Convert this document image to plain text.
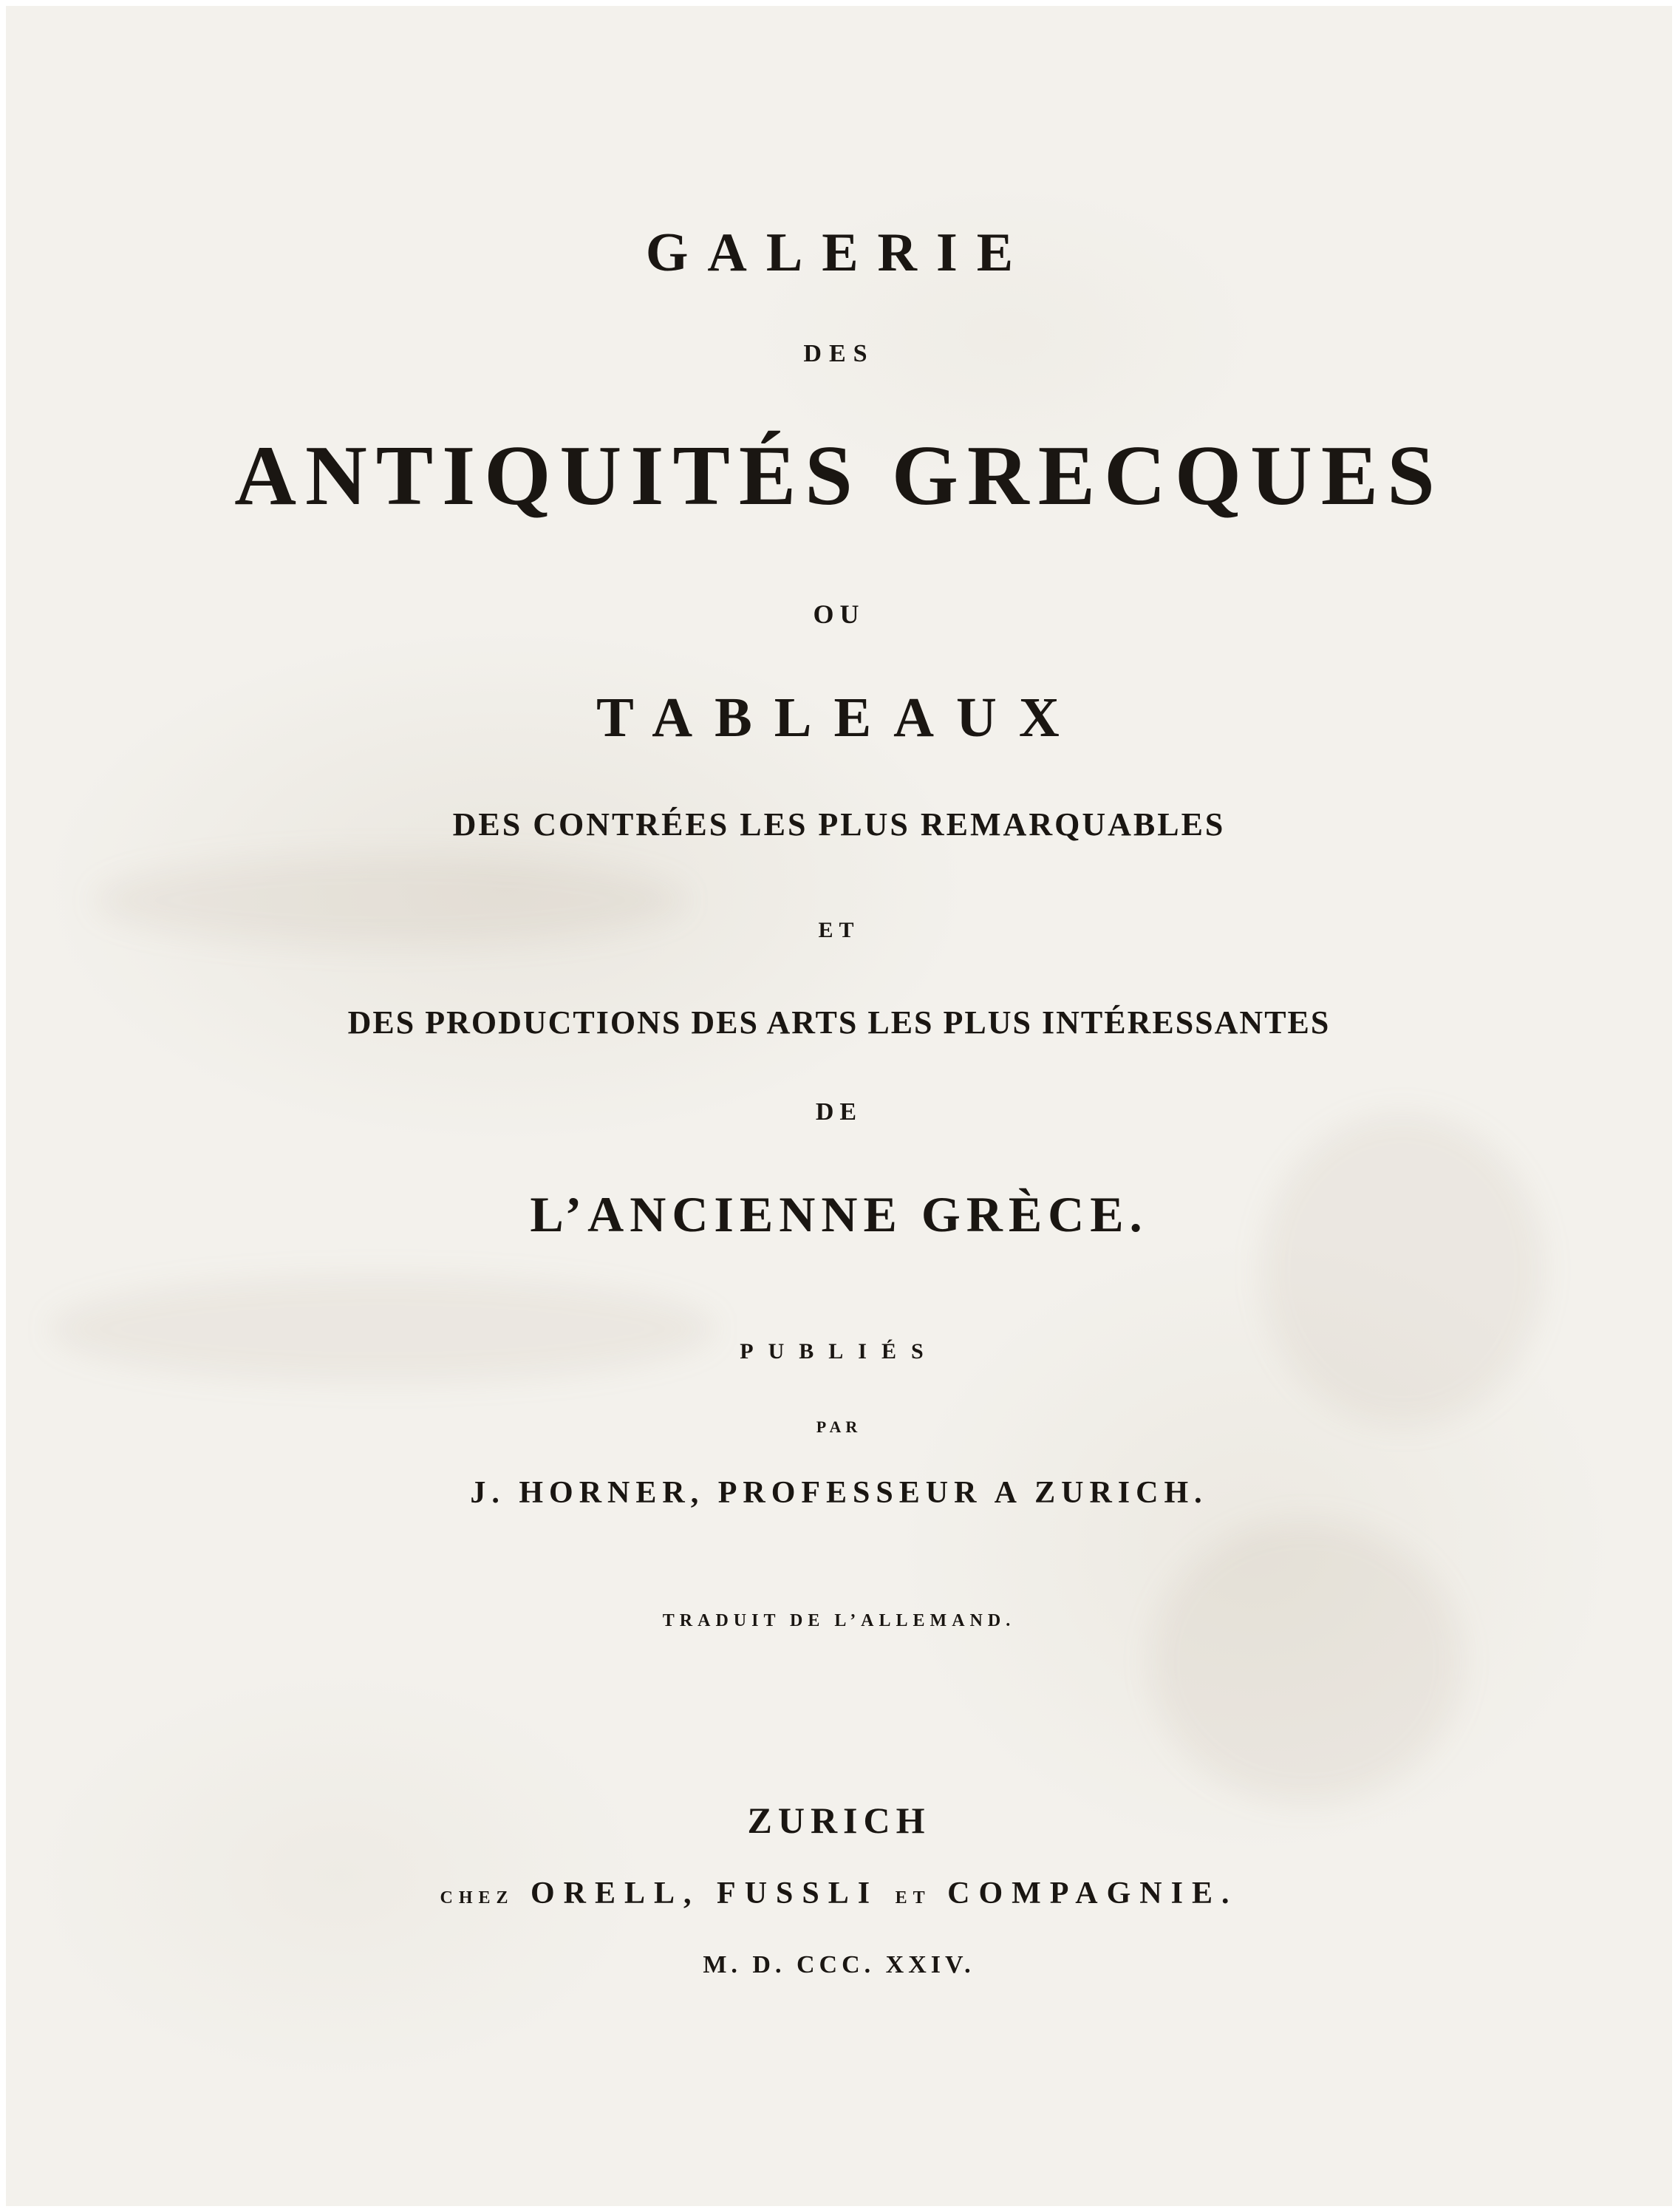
GALERIE
DES
ANTIQUITÉS GRECQUES
OU
TABLEAUX
DES CONTRÉES LES PLUS REMARQUABLES
ET
DES PRODUCTIONS DES ARTS LES PLUS INTÉRESSANTES
DE
L’ANCIENNE GRÈCE.
PUBLIÉS
PAR
J. HORNER, PROFESSEUR A ZURICH.
TRADUIT DE L’ALLEMAND.
ZURICH
CHEZ ORELL, FUSSLI ET COMPAGNIE.
M. D. CCC. XXIV.
